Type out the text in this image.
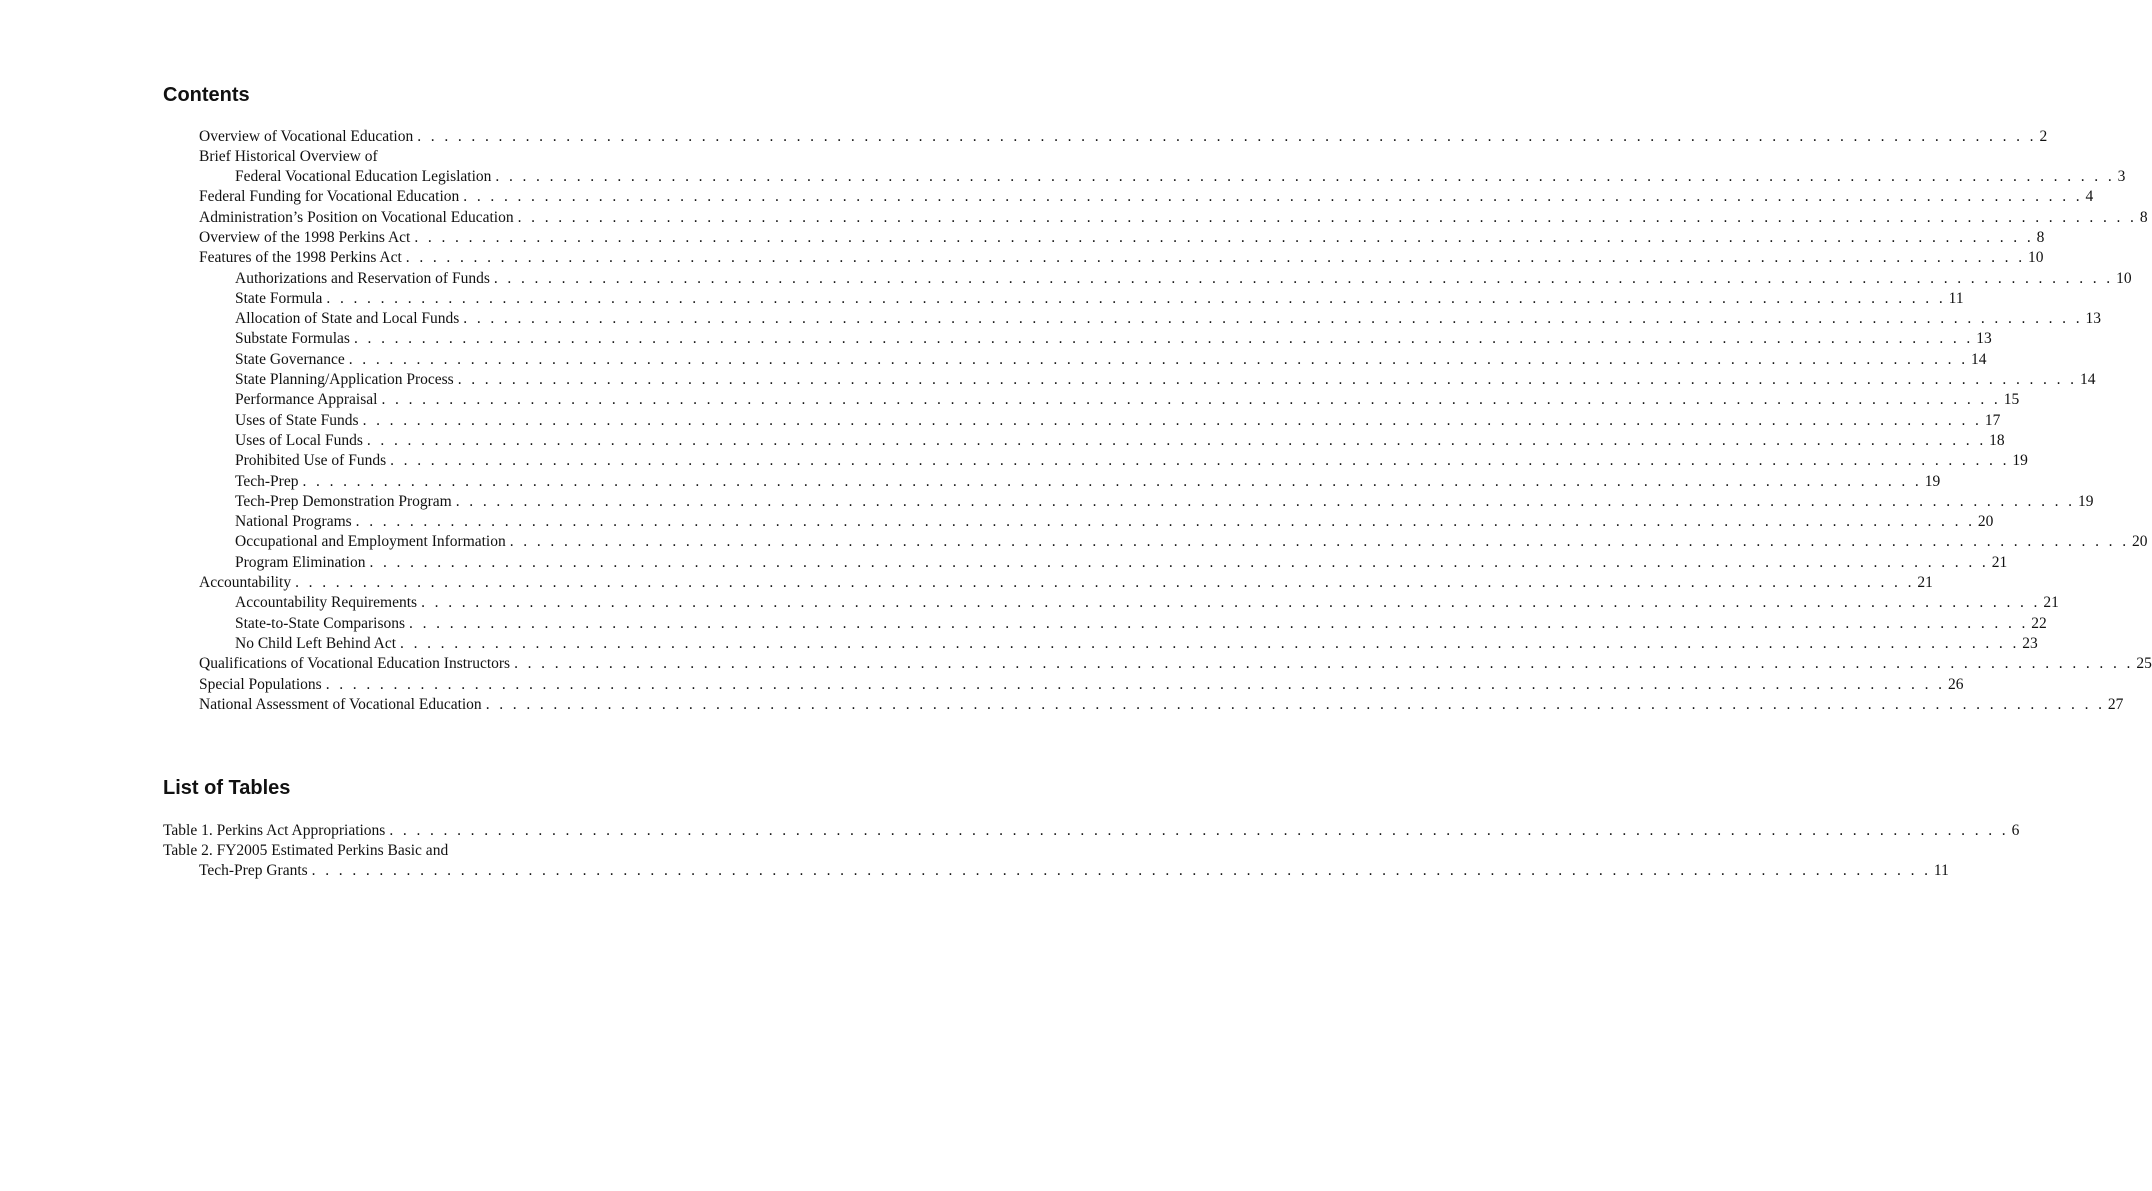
Contents
Overview of Vocational Education . . . . . . . . . . . . . . . . . . . . . . . . . . . . . . . . . . . . . . . . . . . . . . . . . . . . . . . . . . . . . . . . . . . . . . . . . . . . . . . . . . . . . . . . . . . . . . . . . . . . . . . . . . . . . . . . . . . . . . . . 2
Brief Historical Overview of
Federal Vocational Education Legislation . . . . . . . . . . . . . . . . . . . . . . . . . . . . . . . . . . . . . . . . . . . . . . . . . . . . . . . . . . . . . . . . . . . . . . . . . . . . . . . . . . . . . . . . . . . . . . . . . . . . . . . . . . . . . . . . . . . . . . . . 3
Federal Funding for Vocational Education . . . . . . . . . . . . . . . . . . . . . . . . . . . . . . . . . . . . . . . . . . . . . . . . . . . . . . . . . . . . . . . . . . . . . . . . . . . . . . . . . . . . . . . . . . . . . . . . . . . . . . . . . . . . . . . . . . . . . . . . 4
Administration’s Position on Vocational Education . . . . . . . . . . . . . . . . . . . . . . . . . . . . . . . . . . . . . . . . . . . . . . . . . . . . . . . . . . . . . . . . . . . . . . . . . . . . . . . . . . . . . . . . . . . . . . . . . . . . . . . . . . . . . . . . . . . . . . . . 8
Overview of the 1998 Perkins Act . . . . . . . . . . . . . . . . . . . . . . . . . . . . . . . . . . . . . . . . . . . . . . . . . . . . . . . . . . . . . . . . . . . . . . . . . . . . . . . . . . . . . . . . . . . . . . . . . . . . . . . . . . . . . . . . . . . . . . . . 8
Features of the 1998 Perkins Act . . . . . . . . . . . . . . . . . . . . . . . . . . . . . . . . . . . . . . . . . . . . . . . . . . . . . . . . . . . . . . . . . . . . . . . . . . . . . . . . . . . . . . . . . . . . . . . . . . . . . . . . . . . . . . . . . . . . . . . . 10
Authorizations and Reservation of Funds . . . . . . . . . . . . . . . . . . . . . . . . . . . . . . . . . . . . . . . . . . . . . . . . . . . . . . . . . . . . . . . . . . . . . . . . . . . . . . . . . . . . . . . . . . . . . . . . . . . . . . . . . . . . . . . . . . . . . . . . 10
State Formula . . . . . . . . . . . . . . . . . . . . . . . . . . . . . . . . . . . . . . . . . . . . . . . . . . . . . . . . . . . . . . . . . . . . . . . . . . . . . . . . . . . . . . . . . . . . . . . . . . . . . . . . . . . . . . . . . . . . . . . . 11
Allocation of State and Local Funds . . . . . . . . . . . . . . . . . . . . . . . . . . . . . . . . . . . . . . . . . . . . . . . . . . . . . . . . . . . . . . . . . . . . . . . . . . . . . . . . . . . . . . . . . . . . . . . . . . . . . . . . . . . . . . . . . . . . . . . . 13
Substate Formulas . . . . . . . . . . . . . . . . . . . . . . . . . . . . . . . . . . . . . . . . . . . . . . . . . . . . . . . . . . . . . . . . . . . . . . . . . . . . . . . . . . . . . . . . . . . . . . . . . . . . . . . . . . . . . . . . . . . . . . . . 13
State Governance . . . . . . . . . . . . . . . . . . . . . . . . . . . . . . . . . . . . . . . . . . . . . . . . . . . . . . . . . . . . . . . . . . . . . . . . . . . . . . . . . . . . . . . . . . . . . . . . . . . . . . . . . . . . . . . . . . . . . . . . 14
State Planning/Application Process . . . . . . . . . . . . . . . . . . . . . . . . . . . . . . . . . . . . . . . . . . . . . . . . . . . . . . . . . . . . . . . . . . . . . . . . . . . . . . . . . . . . . . . . . . . . . . . . . . . . . . . . . . . . . . . . . . . . . . . . 14
Performance Appraisal . . . . . . . . . . . . . . . . . . . . . . . . . . . . . . . . . . . . . . . . . . . . . . . . . . . . . . . . . . . . . . . . . . . . . . . . . . . . . . . . . . . . . . . . . . . . . . . . . . . . . . . . . . . . . . . . . . . . . . . . 15
Uses of State Funds . . . . . . . . . . . . . . . . . . . . . . . . . . . . . . . . . . . . . . . . . . . . . . . . . . . . . . . . . . . . . . . . . . . . . . . . . . . . . . . . . . . . . . . . . . . . . . . . . . . . . . . . . . . . . . . . . . . . . . . . 17
Uses of Local Funds . . . . . . . . . . . . . . . . . . . . . . . . . . . . . . . . . . . . . . . . . . . . . . . . . . . . . . . . . . . . . . . . . . . . . . . . . . . . . . . . . . . . . . . . . . . . . . . . . . . . . . . . . . . . . . . . . . . . . . . . 18
Prohibited Use of Funds . . . . . . . . . . . . . . . . . . . . . . . . . . . . . . . . . . . . . . . . . . . . . . . . . . . . . . . . . . . . . . . . . . . . . . . . . . . . . . . . . . . . . . . . . . . . . . . . . . . . . . . . . . . . . . . . . . . . . . . . 19
Tech-Prep . . . . . . . . . . . . . . . . . . . . . . . . . . . . . . . . . . . . . . . . . . . . . . . . . . . . . . . . . . . . . . . . . . . . . . . . . . . . . . . . . . . . . . . . . . . . . . . . . . . . . . . . . . . . . . . . . . . . . . . . 19
Tech-Prep Demonstration Program . . . . . . . . . . . . . . . . . . . . . . . . . . . . . . . . . . . . . . . . . . . . . . . . . . . . . . . . . . . . . . . . . . . . . . . . . . . . . . . . . . . . . . . . . . . . . . . . . . . . . . . . . . . . . . . . . . . . . . . . 19
National Programs . . . . . . . . . . . . . . . . . . . . . . . . . . . . . . . . . . . . . . . . . . . . . . . . . . . . . . . . . . . . . . . . . . . . . . . . . . . . . . . . . . . . . . . . . . . . . . . . . . . . . . . . . . . . . . . . . . . . . . . . 20
Occupational and Employment Information . . . . . . . . . . . . . . . . . . . . . . . . . . . . . . . . . . . . . . . . . . . . . . . . . . . . . . . . . . . . . . . . . . . . . . . . . . . . . . . . . . . . . . . . . . . . . . . . . . . . . . . . . . . . . . . . . . . . . . . . 20
Program Elimination . . . . . . . . . . . . . . . . . . . . . . . . . . . . . . . . . . . . . . . . . . . . . . . . . . . . . . . . . . . . . . . . . . . . . . . . . . . . . . . . . . . . . . . . . . . . . . . . . . . . . . . . . . . . . . . . . . . . . . . . 21
Accountability . . . . . . . . . . . . . . . . . . . . . . . . . . . . . . . . . . . . . . . . . . . . . . . . . . . . . . . . . . . . . . . . . . . . . . . . . . . . . . . . . . . . . . . . . . . . . . . . . . . . . . . . . . . . . . . . . . . . . . . . 21
Accountability Requirements . . . . . . . . . . . . . . . . . . . . . . . . . . . . . . . . . . . . . . . . . . . . . . . . . . . . . . . . . . . . . . . . . . . . . . . . . . . . . . . . . . . . . . . . . . . . . . . . . . . . . . . . . . . . . . . . . . . . . . . . 21
State-to-State Comparisons . . . . . . . . . . . . . . . . . . . . . . . . . . . . . . . . . . . . . . . . . . . . . . . . . . . . . . . . . . . . . . . . . . . . . . . . . . . . . . . . . . . . . . . . . . . . . . . . . . . . . . . . . . . . . . . . . . . . . . . . 22
No Child Left Behind Act . . . . . . . . . . . . . . . . . . . . . . . . . . . . . . . . . . . . . . . . . . . . . . . . . . . . . . . . . . . . . . . . . . . . . . . . . . . . . . . . . . . . . . . . . . . . . . . . . . . . . . . . . . . . . . . . . . . . . . . . 23
Qualifications of Vocational Education Instructors . . . . . . . . . . . . . . . . . . . . . . . . . . . . . . . . . . . . . . . . . . . . . . . . . . . . . . . . . . . . . . . . . . . . . . . . . . . . . . . . . . . . . . . . . . . . . . . . . . . . . . . . . . . . . . . . . . . . . . . . 25
Special Populations . . . . . . . . . . . . . . . . . . . . . . . . . . . . . . . . . . . . . . . . . . . . . . . . . . . . . . . . . . . . . . . . . . . . . . . . . . . . . . . . . . . . . . . . . . . . . . . . . . . . . . . . . . . . . . . . . . . . . . . . 26
National Assessment of Vocational Education . . . . . . . . . . . . . . . . . . . . . . . . . . . . . . . . . . . . . . . . . . . . . . . . . . . . . . . . . . . . . . . . . . . . . . . . . . . . . . . . . . . . . . . . . . . . . . . . . . . . . . . . . . . . . . . . . . . . . . . . 27
List of Tables
Table 1. Perkins Act Appropriations . . . . . . . . . . . . . . . . . . . . . . . . . . . . . . . . . . . . . . . . . . . . . . . . . . . . . . . . . . . . . . . . . . . . . . . . . . . . . . . . . . . . . . . . . . . . . . . . . . . . . . . . . . . . . . . . . . . . . . . . 6
Table 2. FY2005 Estimated Perkins Basic and
Tech-Prep Grants . . . . . . . . . . . . . . . . . . . . . . . . . . . . . . . . . . . . . . . . . . . . . . . . . . . . . . . . . . . . . . . . . . . . . . . . . . . . . . . . . . . . . . . . . . . . . . . . . . . . . . . . . . . . . . . . . . . . . . . . 11
